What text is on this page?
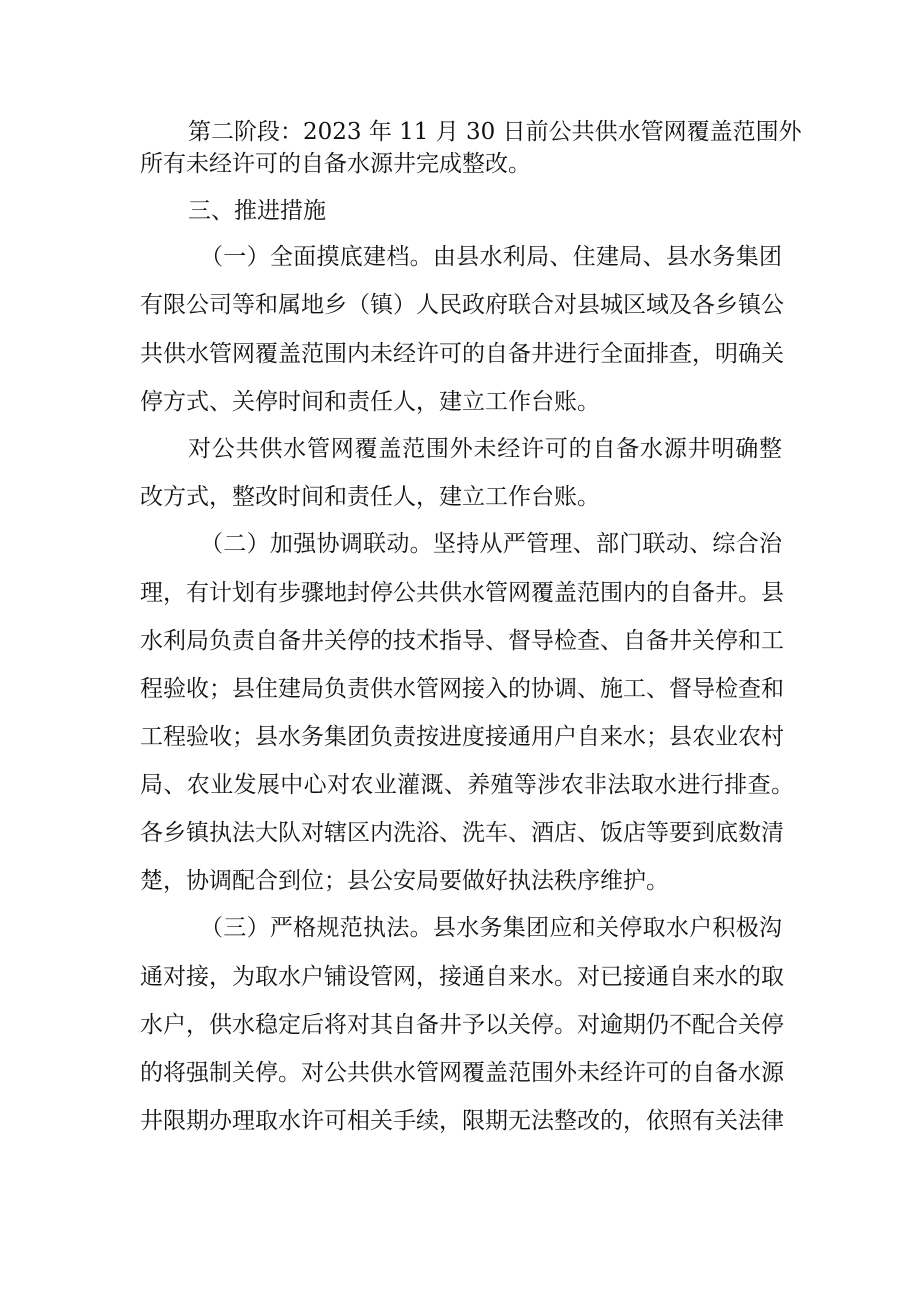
第二阶段：2023 年 11 月 30 日前公共供水管网覆盖范围外
所有未经许可的自备水源井完成整改。
三、推进措施
（一）全面摸底建档。由县水利局、住建局、县水务集团
有限公司等和属地乡（镇）人民政府联合对县城区域及各乡镇公
共供水管网覆盖范围内未经许可的自备井进行全面排查，明确关
停方式、关停时间和责任人，建立工作台账。
对公共供水管网覆盖范围外未经许可的自备水源井明确整
改方式，整改时间和责任人，建立工作台账。
（二）加强协调联动。坚持从严管理、部门联动、综合治
理，有计划有步骤地封停公共供水管网覆盖范围内的自备井。县
水利局负责自备井关停的技术指导、督导检查、自备井关停和工
程验收；县住建局负责供水管网接入的协调、施工、督导检查和
工程验收；县水务集团负责按进度接通用户自来水；县农业农村
局、农业发展中心对农业灌溉、养殖等涉农非法取水进行排查。
各乡镇执法大队对辖区内洗浴、洗车、酒店、饭店等要到底数清
楚，协调配合到位；县公安局要做好执法秩序维护。
（三）严格规范执法。县水务集团应和关停取水户积极沟
通对接，为取水户铺设管网，接通自来水。对已接通自来水的取
水户，供水稳定后将对其自备井予以关停。对逾期仍不配合关停
的将强制关停。对公共供水管网覆盖范围外未经许可的自备水源
井限期办理取水许可相关手续，限期无法整改的，依照有关法律
